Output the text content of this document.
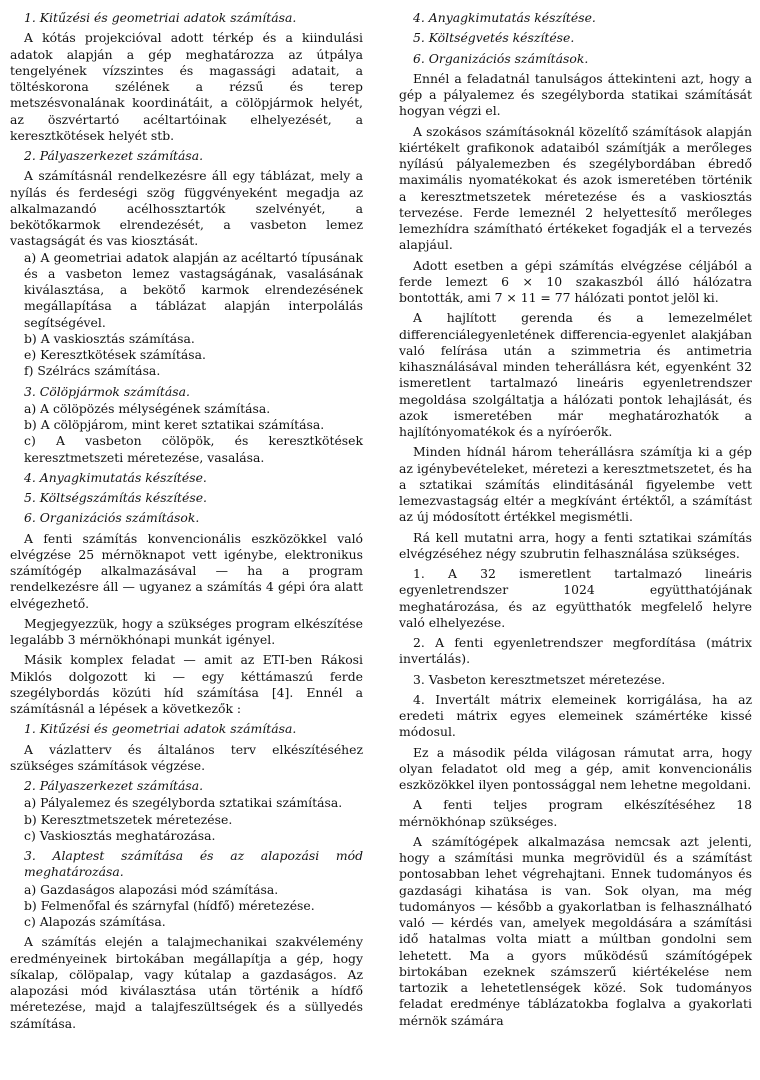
1. Kitűzési és geometriai adatok számítása.
A kótás projekcióval adott térkép és a kiindulási adatok alapján a gép meghatározza az útpálya tengelyének vízszintes és magassági adatait, a töltéskorona szélének a rézsű és terep metszésvonalának koordinátáit, a cölöpjármok helyét, az öszvértartó acéltartóinak elhelyezését, a keresztkötések helyét stb.
2. Pályaszerkezet számítása.
A számításnál rendelkezésre áll egy táblázat, mely a nyílás és ferdeségi szög függvényeként megadja az alkalmazandó acélhossztartók szelvényét, a bekötőkarmok elrendezését, a vasbeton lemez vastagságát és vas kiosztását.
a) A geometriai adatok alapján az acéltartó típusának és a vasbeton lemez vastagságának, vasalásának kiválasztása, a bekötő karmok elrendezésének megállapítása a táblázat alapján interpolálás segítségével.
b) A vaskiosztás számítása.
e) Keresztkötések számítása.
f) Szélrács számítása.
3. Cölöpjármok számítása.
a) A cölöpözés mélységének számítása.
b) A cölöpjárom, mint keret sztatikai számítása.
c) A vasbeton cölöpök, és keresztkötések keresztmetszeti méretezése, vasalása.
4. Anyagkimutatás készítése.
5. Költségszámítás készítése.
6. Organizációs számítások.
A fenti számítás konvencionális eszközökkel való elvégzése 25 mérnöknapot vett igénybe, elektronikus számítógép alkalmazásával — ha a program rendelkezésre áll — ugyanez a számítás 4 gépi óra alatt elvégezhető.
Megjegyezzük, hogy a szükséges program elkészítése legalább 3 mérnökhónapi munkát igényel.
Másik komplex feladat — amit az ETI-ben Rákosi Miklós dolgozott ki — egy kéttámaszú ferde szegélybordás közúti híd számítása [4]. Ennél a számításnál a lépések a következők :
1. Kitűzési és geometriai adatok számítása.
A vázlatterv és általános terv elkészítéséhez szükséges számítások végzése.
2. Pályaszerkezet számítása.
a) Pályalemez és szegélyborda sztatikai számítása.
b) Keresztmetszetek méretezése.
c) Vaskiosztás meghatározása.
3. Alaptest számítása és az alapozási mód meghatározása.
a) Gazdaságos alapozási mód számítása.
b) Felmenőfal és szárnyfal (hídfő) méretezése.
c) Alapozás számítása.
A számítás elején a talajmechanikai szakvélemény eredményeinek birtokában megállapítja a gép, hogy síkalap, cölöpalap, vagy kútalap a gazdaságos. Az alapozási mód kiválasztása után történik a hídfő méretezése, majd a talajfeszültségek és a süllyedés számítása.
4. Anyagkimutatás készítése.
5. Költségvetés készítése.
6. Organizációs számítások.
Ennél a feladatnál tanulságos áttekinteni azt, hogy a gép a pályalemez és szegélyborda statikai számítását hogyan végzi el.
A szokásos számításoknál közelítő számítások alapján kiértékelt grafikonok adataiból számítják a merőleges nyílású pályalemezben és szegélybordában ébredő maximális nyomatékokat és azok ismeretében történik a keresztmetszetek méretezése és a vaskiosztás tervezése. Ferde lemeznél 2 helyettesítő merőleges lemezhídra számítható értékeket fogadják el a tervezés alapjául.
Adott esetben a gépi számítás elvégzése céljából a ferde lemezt 6 × 10 szakaszból álló hálózatra bontották, ami 7 × 11 = 77 hálózati pontot jelöl ki.
A hajlított gerenda és a lemezelmélet differenciálegyenletének differencia-egyenlet alakjában való felírása után a szimmetria és antimetria kihasználásával minden teherállásra két, egyenként 32 ismeretlent tartalmazó lineáris egyenletrendszer megoldása szolgáltatja a hálózati pontok lehajlását, és azok ismeretében már meghatározhatók a hajlítónyomatékok és a nyíróerők.
Minden hídnál három teherállásra számítja ki a gép az igénybevételeket, méretezi a keresztmetszetet, és ha a sztatikai számítás elinditásánál figyelembe vett lemezvastagság eltér a megkívánt értéktől, a számítást az új módosított értékkel megismétli.
Rá kell mutatni arra, hogy a fenti sztatikai számítás elvégzéséhez négy szubrutin felhasználása szükséges.
1. A 32 ismeretlent tartalmazó lineáris egyenletrendszer 1024 együtthatójának meghatározása, és az együtthatók megfelelő helyre való elhelyezése.
2. A fenti egyenletrendszer megfordítása (mátrix invertálás).
3. Vasbeton keresztmetszet méretezése.
4. Invertált mátrix elemeinek korrigálása, ha az eredeti mátrix egyes elemeinek számértéke kissé módosul.
Ez a második példa világosan rámutat arra, hogy olyan feladatot old meg a gép, amit konvencionális eszközökkel ilyen pontossággal nem lehetne megoldani.
A fenti teljes program elkészítéséhez 18 mérnökhónap szükséges.
A számítógépek alkalmazása nemcsak azt jelenti, hogy a számítási munka megrövidül és a számítást pontosabban lehet végrehajtani. Ennek tudományos és gazdasági kihatása is van. Sok olyan, ma még tudományos — később a gyakorlatban is felhasználható való — kérdés van, amelyek megoldására a számítási idő hatalmas volta miatt a múltban gondolni sem lehetett. Ma a gyors működésű számítógépek birtokában ezeknek számszerű kiértékelése nem tartozik a lehetetlenségek közé. Sok tudományos feladat eredménye táblázatokba foglalva a gyakorlati mérnök számára
